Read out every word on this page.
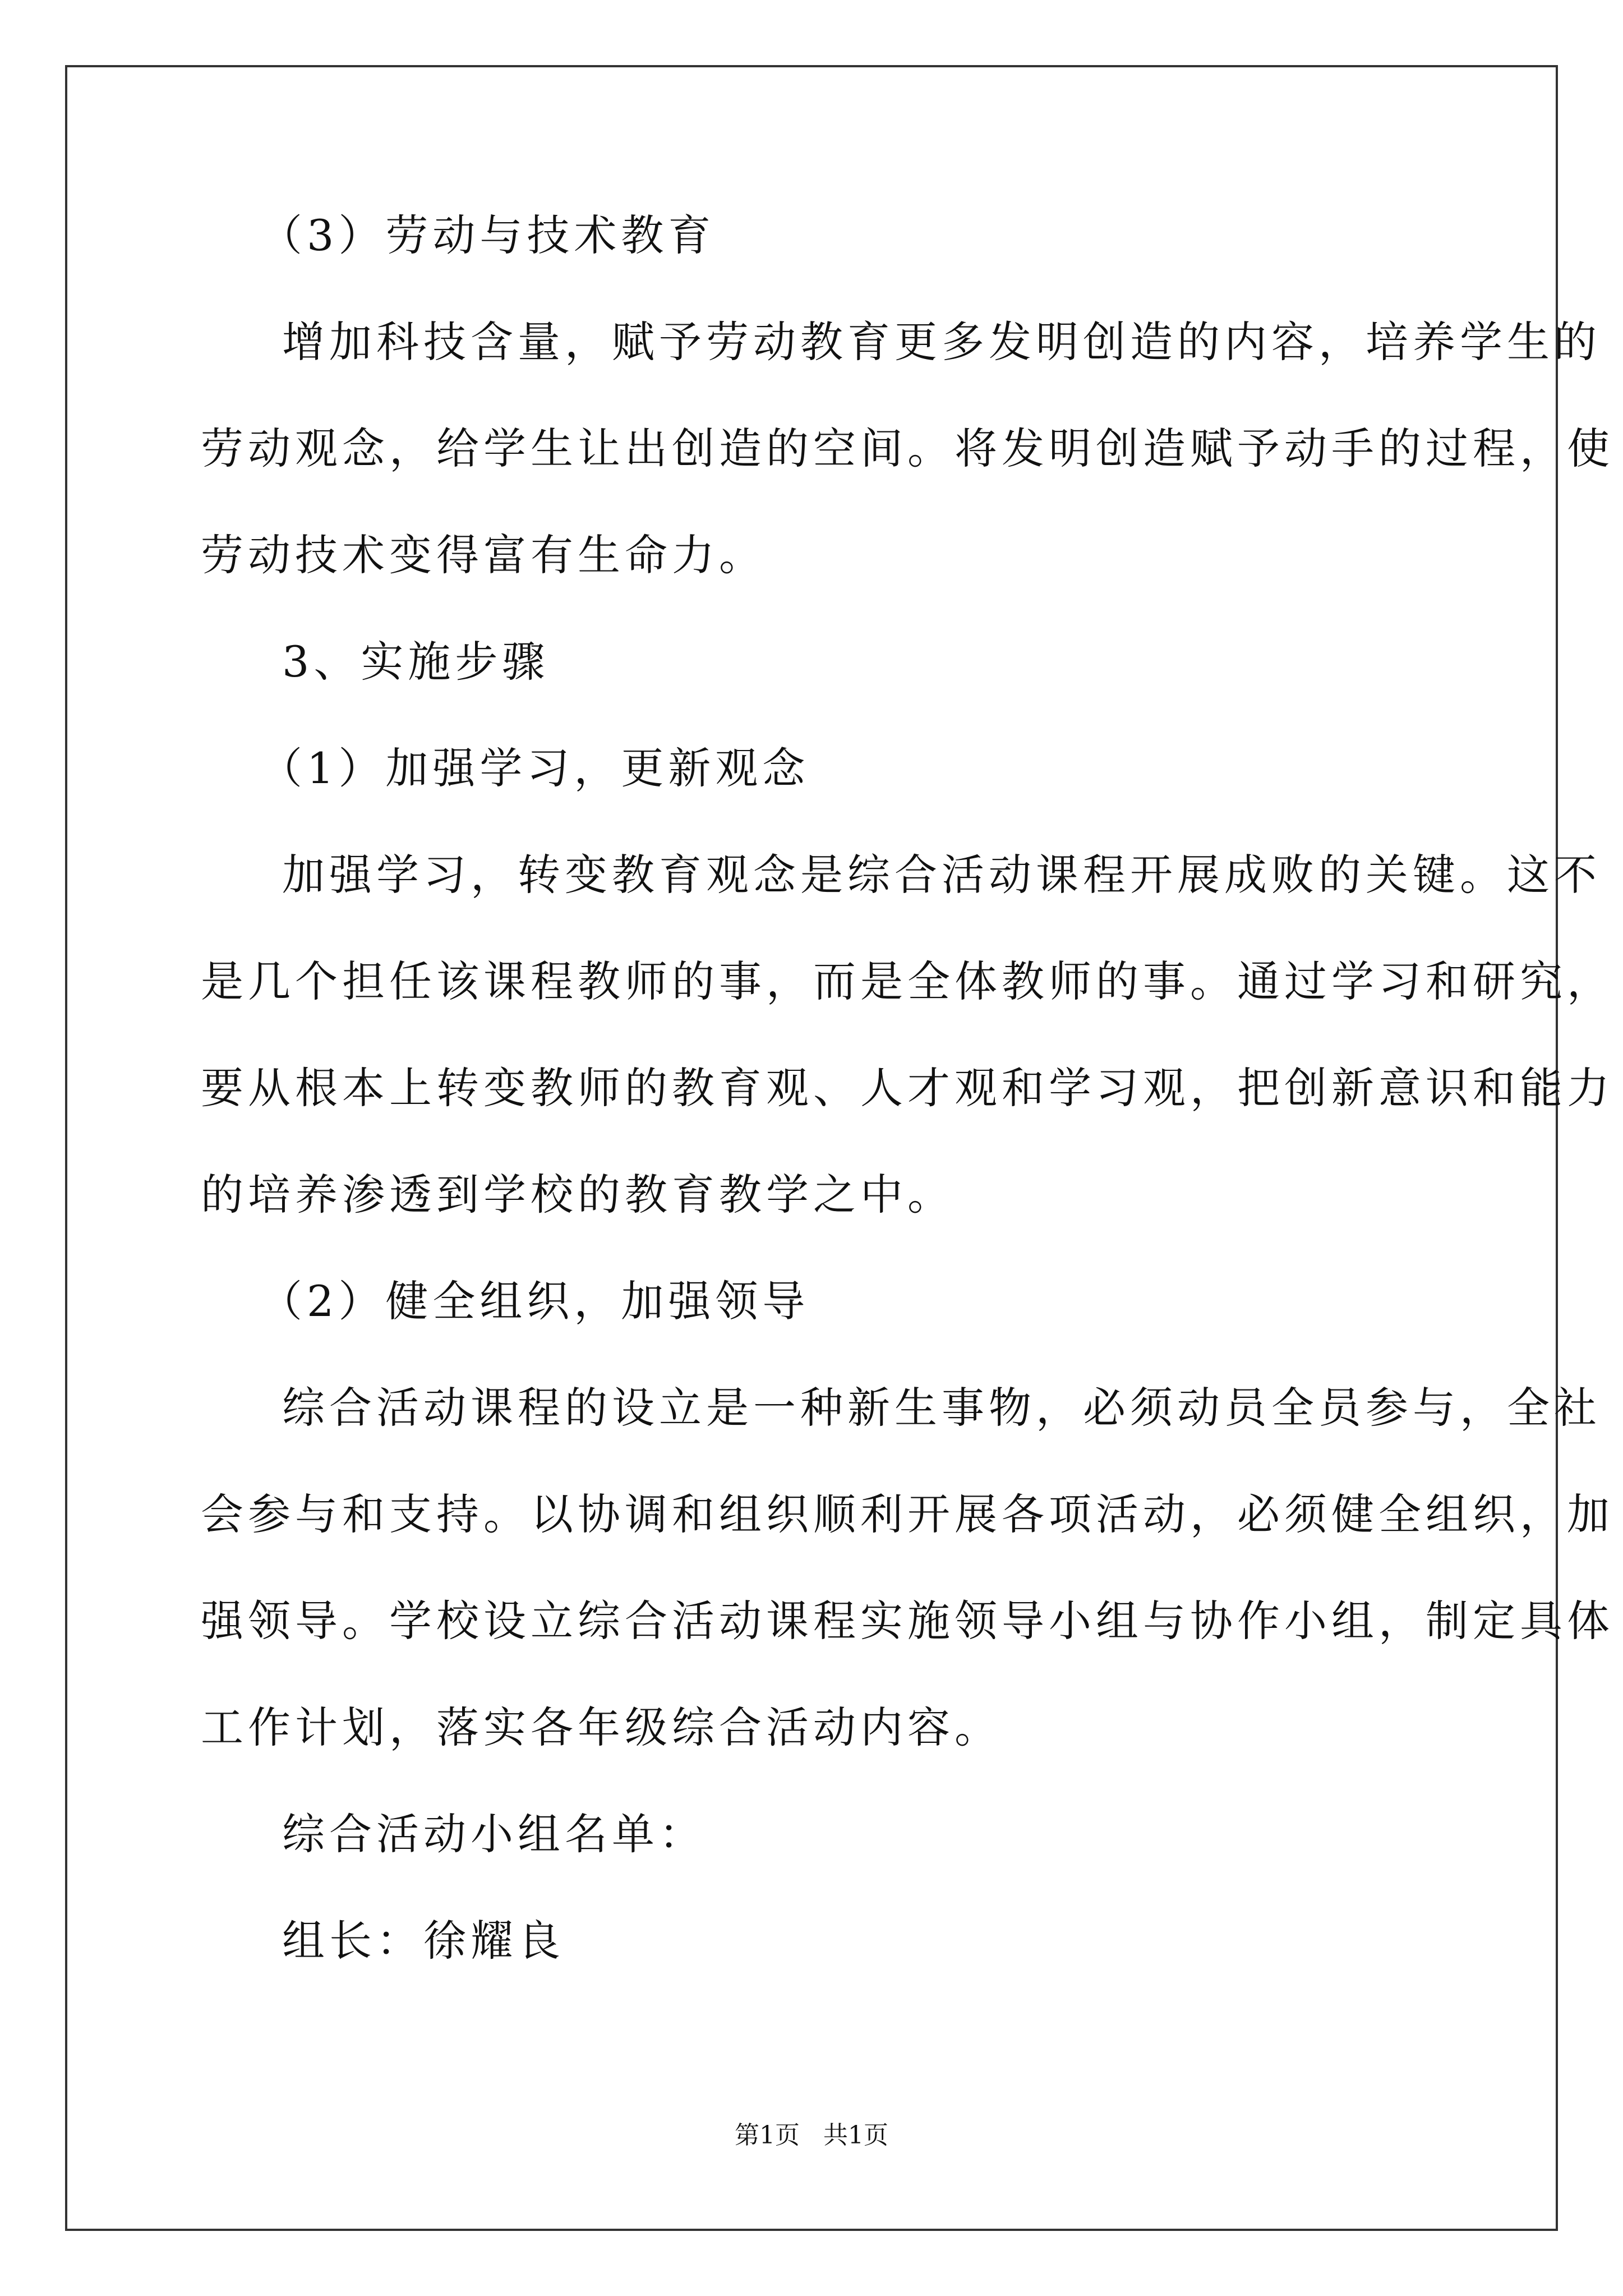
（3）劳动与技术教育

增加科技含量，赋予劳动教育更多发明创造的内容，培养学生的

劳动观念，给学生让出创造的空间。将发明创造赋予动手的过程，使

劳动技术变得富有生命力。

3、实施步骤

（1）加强学习，更新观念

加强学习，转变教育观念是综合活动课程开展成败的关键。这不

是几个担任该课程教师的事，而是全体教师的事。通过学习和研究，

要从根本上转变教师的教育观、人才观和学习观，把创新意识和能力

的培养渗透到学校的教育教学之中。

（2）健全组织，加强领导

综合活动课程的设立是一种新生事物，必须动员全员参与，全社

会参与和支持。以协调和组织顺利开展各项活动，必须健全组织，加

强领导。学校设立综合活动课程实施领导小组与协作小组，制定具体

工作计划，落实各年级综合活动内容。

综合活动小组名单：

组长：徐耀良

第1页   共1页
